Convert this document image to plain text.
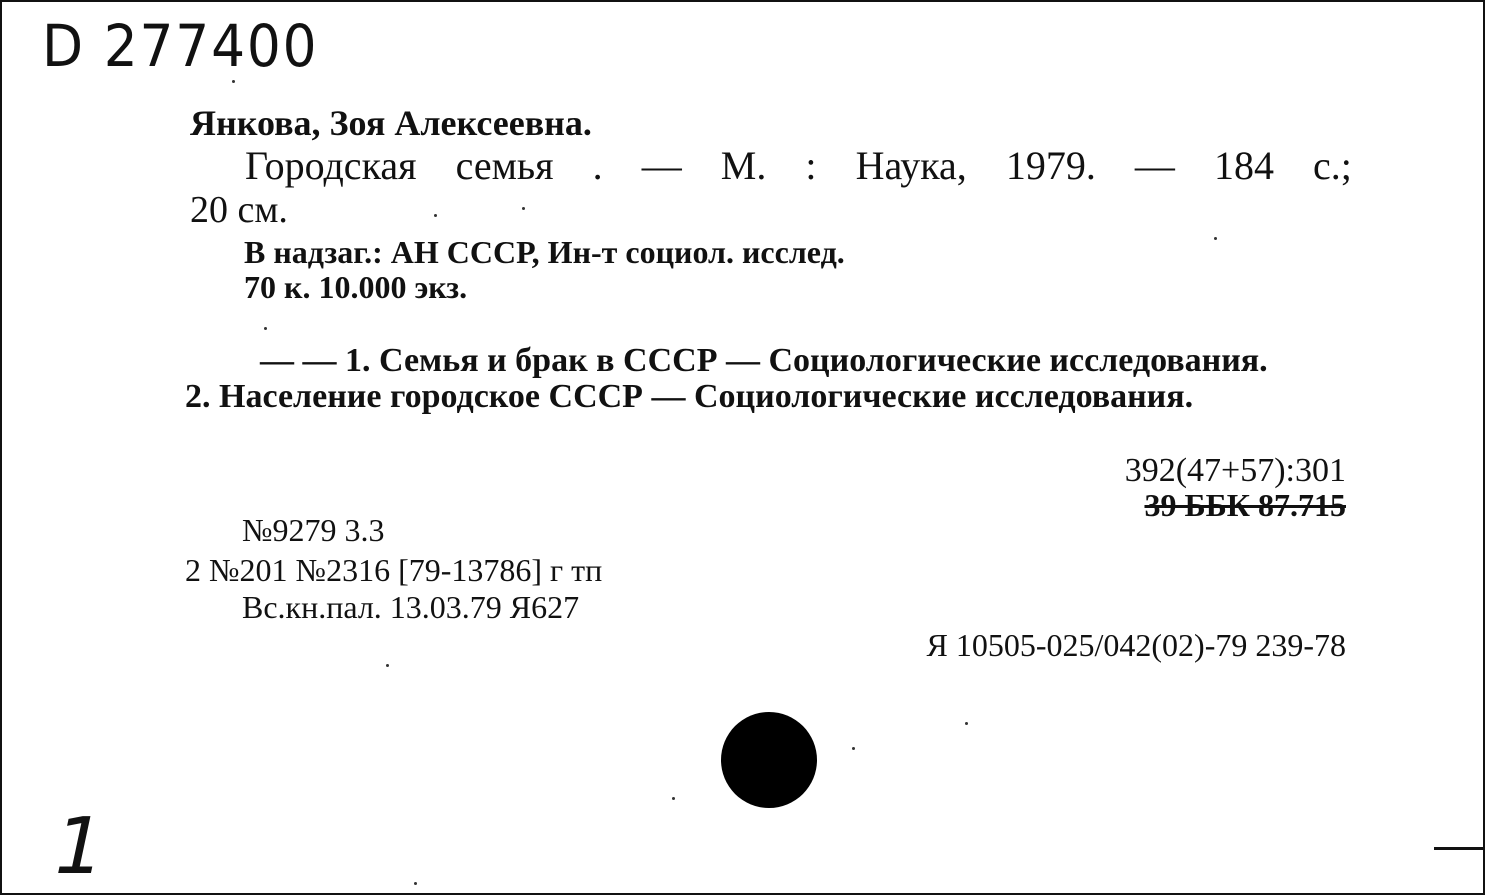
D 277400
Янкова, Зоя Алексеевна.
Городская семья . — М. : Наука, 1979. — 184 с.;
20 см.
В надзаг.: АН СССР, Ин-т социол. исслед.
70 к. 10.000 экз.
— — 1. Семья и брак в СССР — Социологические исследования.
2. Население городское СССР — Социологические исследования.
392(47+57):301
39 ББК 87.715
№9279 3.3
2 №201 №2316 [79-13786] г тп
Вс.кн.пал. 13.03.79 Я627
Я 10505-025/042(02)-79 239-78
1
